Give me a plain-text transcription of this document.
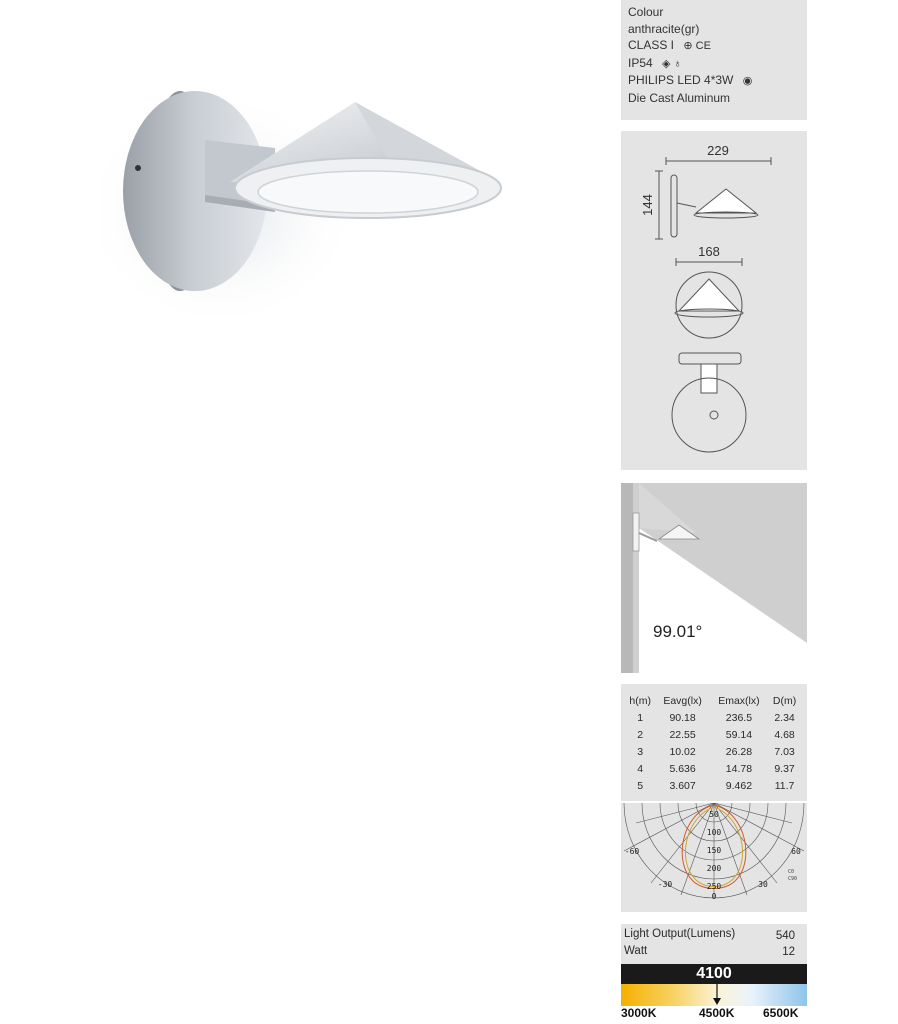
Colour
anthracite(gr)
CLASS I ⊕ CE
IP54 ◈ ♁
PHILIPS LED 4*3W ◉
Die Cast Aluminum
229
144
168
99.01°
h(m)	Eavg(lx)	Emax(lx)	D(m)
1	90.18	236.5	2.34
2	22.55	59.14	4.68
3	10.02	26.28	7.03
4	5.636	14.78	9.37
5	3.607	9.462	11.7
50
100
150
200
250
-60	60
-30	30
0
C0
C90
Light Output(Lumens)	540
Watt	12
4100
3000K	4500K 6500K
